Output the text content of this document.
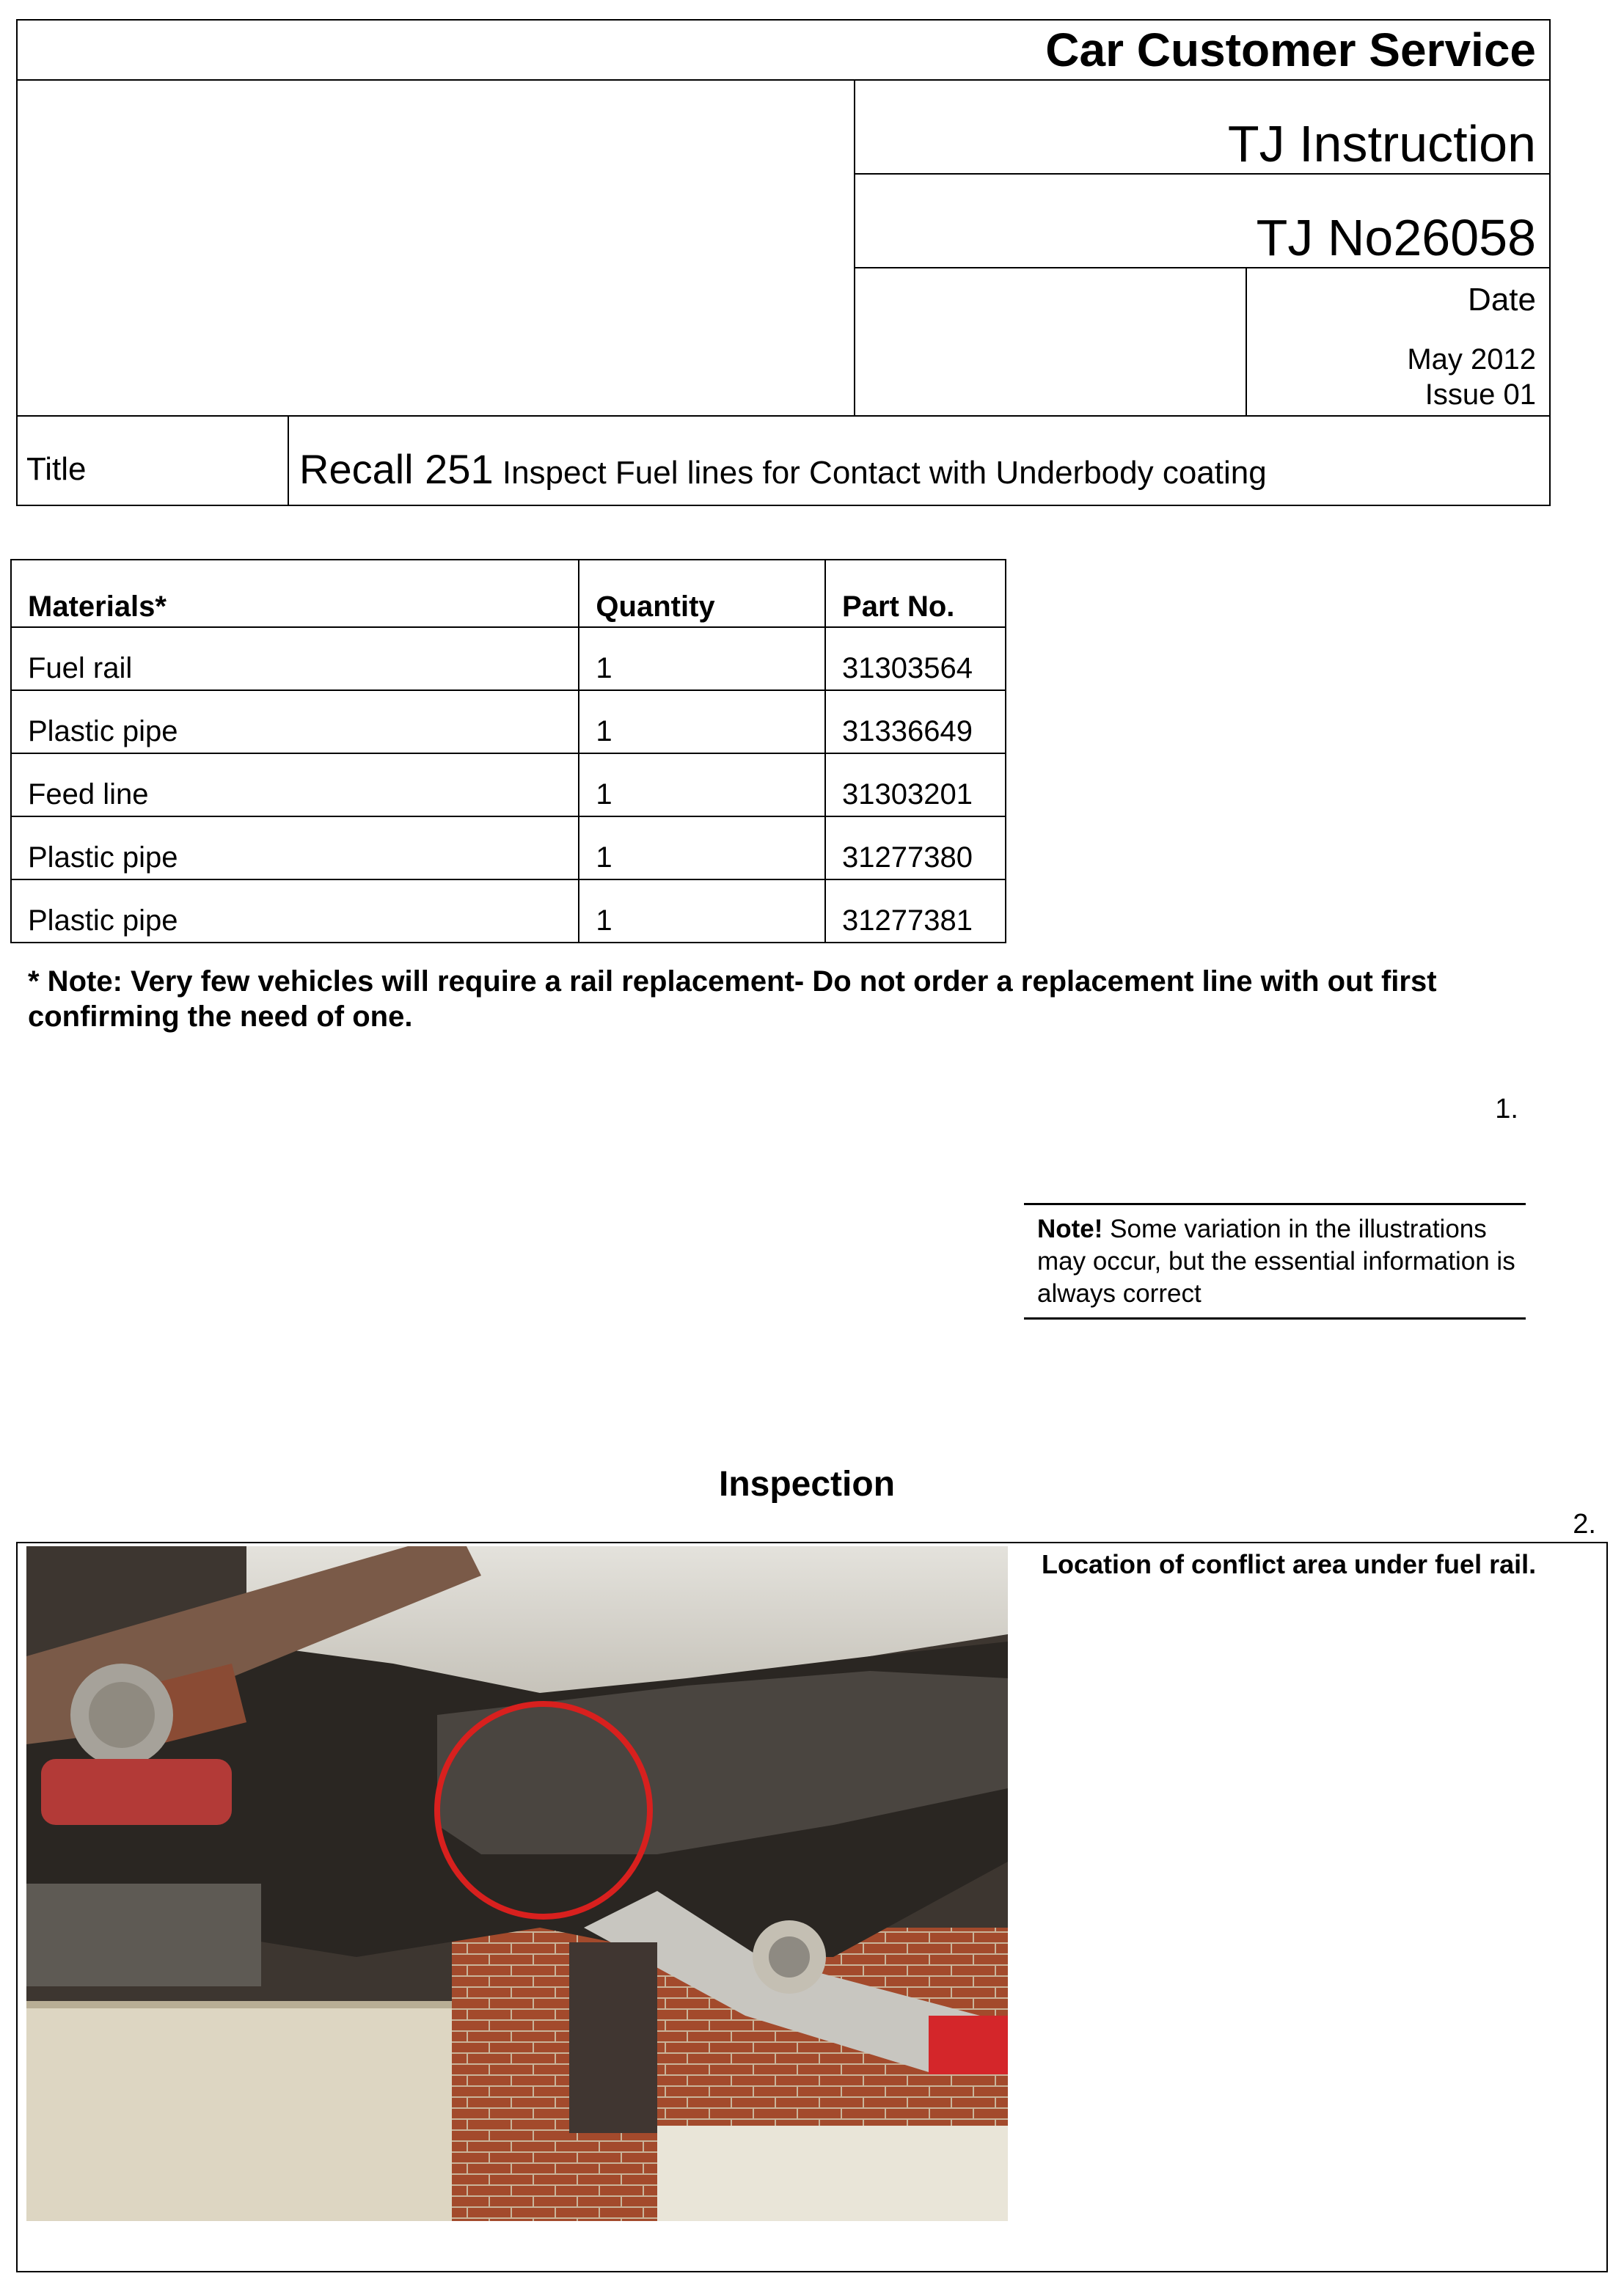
Car Customer Service
TJ Instruction
TJ No26058
Date
May 2012
Issue 01
Title	Recall 251 Inspect Fuel lines for Contact with Underbody coating
Materials*	Quantity	Part No.
Fuel rail	1	31303564
Plastic pipe	1	31336649
Feed line	1	31303201
Plastic pipe	1	31277380
Plastic pipe	1	31277381
* Note: Very few vehicles will require a rail replacement- Do not order a replacement line with out first confirming the need of one.
1.
Note! Some variation in the illustrations may occur, but the essential information is always correct
Inspection
2.
Location of conflict area under fuel rail.
